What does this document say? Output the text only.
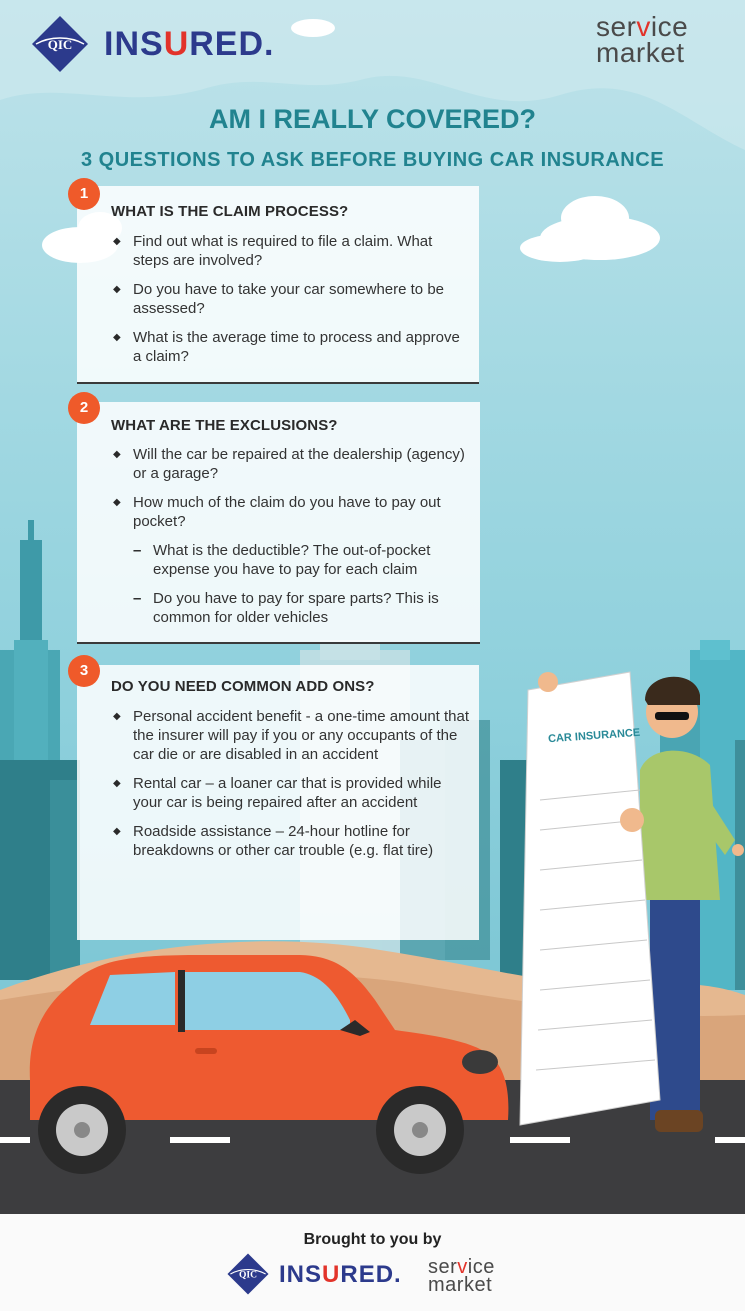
CAR INSURANCE
QIC INSURED.	service
market
AM I REALLY COVERED?
3 QUESTIONS TO ASK BEFORE BUYING CAR INSURANCE
WHAT IS THE CLAIM PROCESS?
◆ Find out what is required to file a claim. What steps are involved?
◆ Do you have to take your car somewhere to be assessed?
◆ What is the average time to process and approve a claim?
1
WHAT ARE THE EXCLUSIONS?
◆ Will the car be repaired at the dealership (agency) or a garage?
◆ How much of the claim do you have to pay out pocket?
– What is the deductible? The out-of-pocket expense you have to pay for each claim
– Do you have to pay for spare parts? This is common for older vehicles
2
DO YOU NEED COMMON ADD ONS?
◆ Personal accident benefit - a one-time amount that the insurer will pay if you or any occupants of the car die or are disabled in an accident
◆ Rental car – a loaner car that is provided while your car is being repaired after an accident
◆ Roadside assistance – 24-hour hotline for breakdowns or other car trouble (e.g. flat tire)
3
Brought to you by
QIC INSURED. service
market
